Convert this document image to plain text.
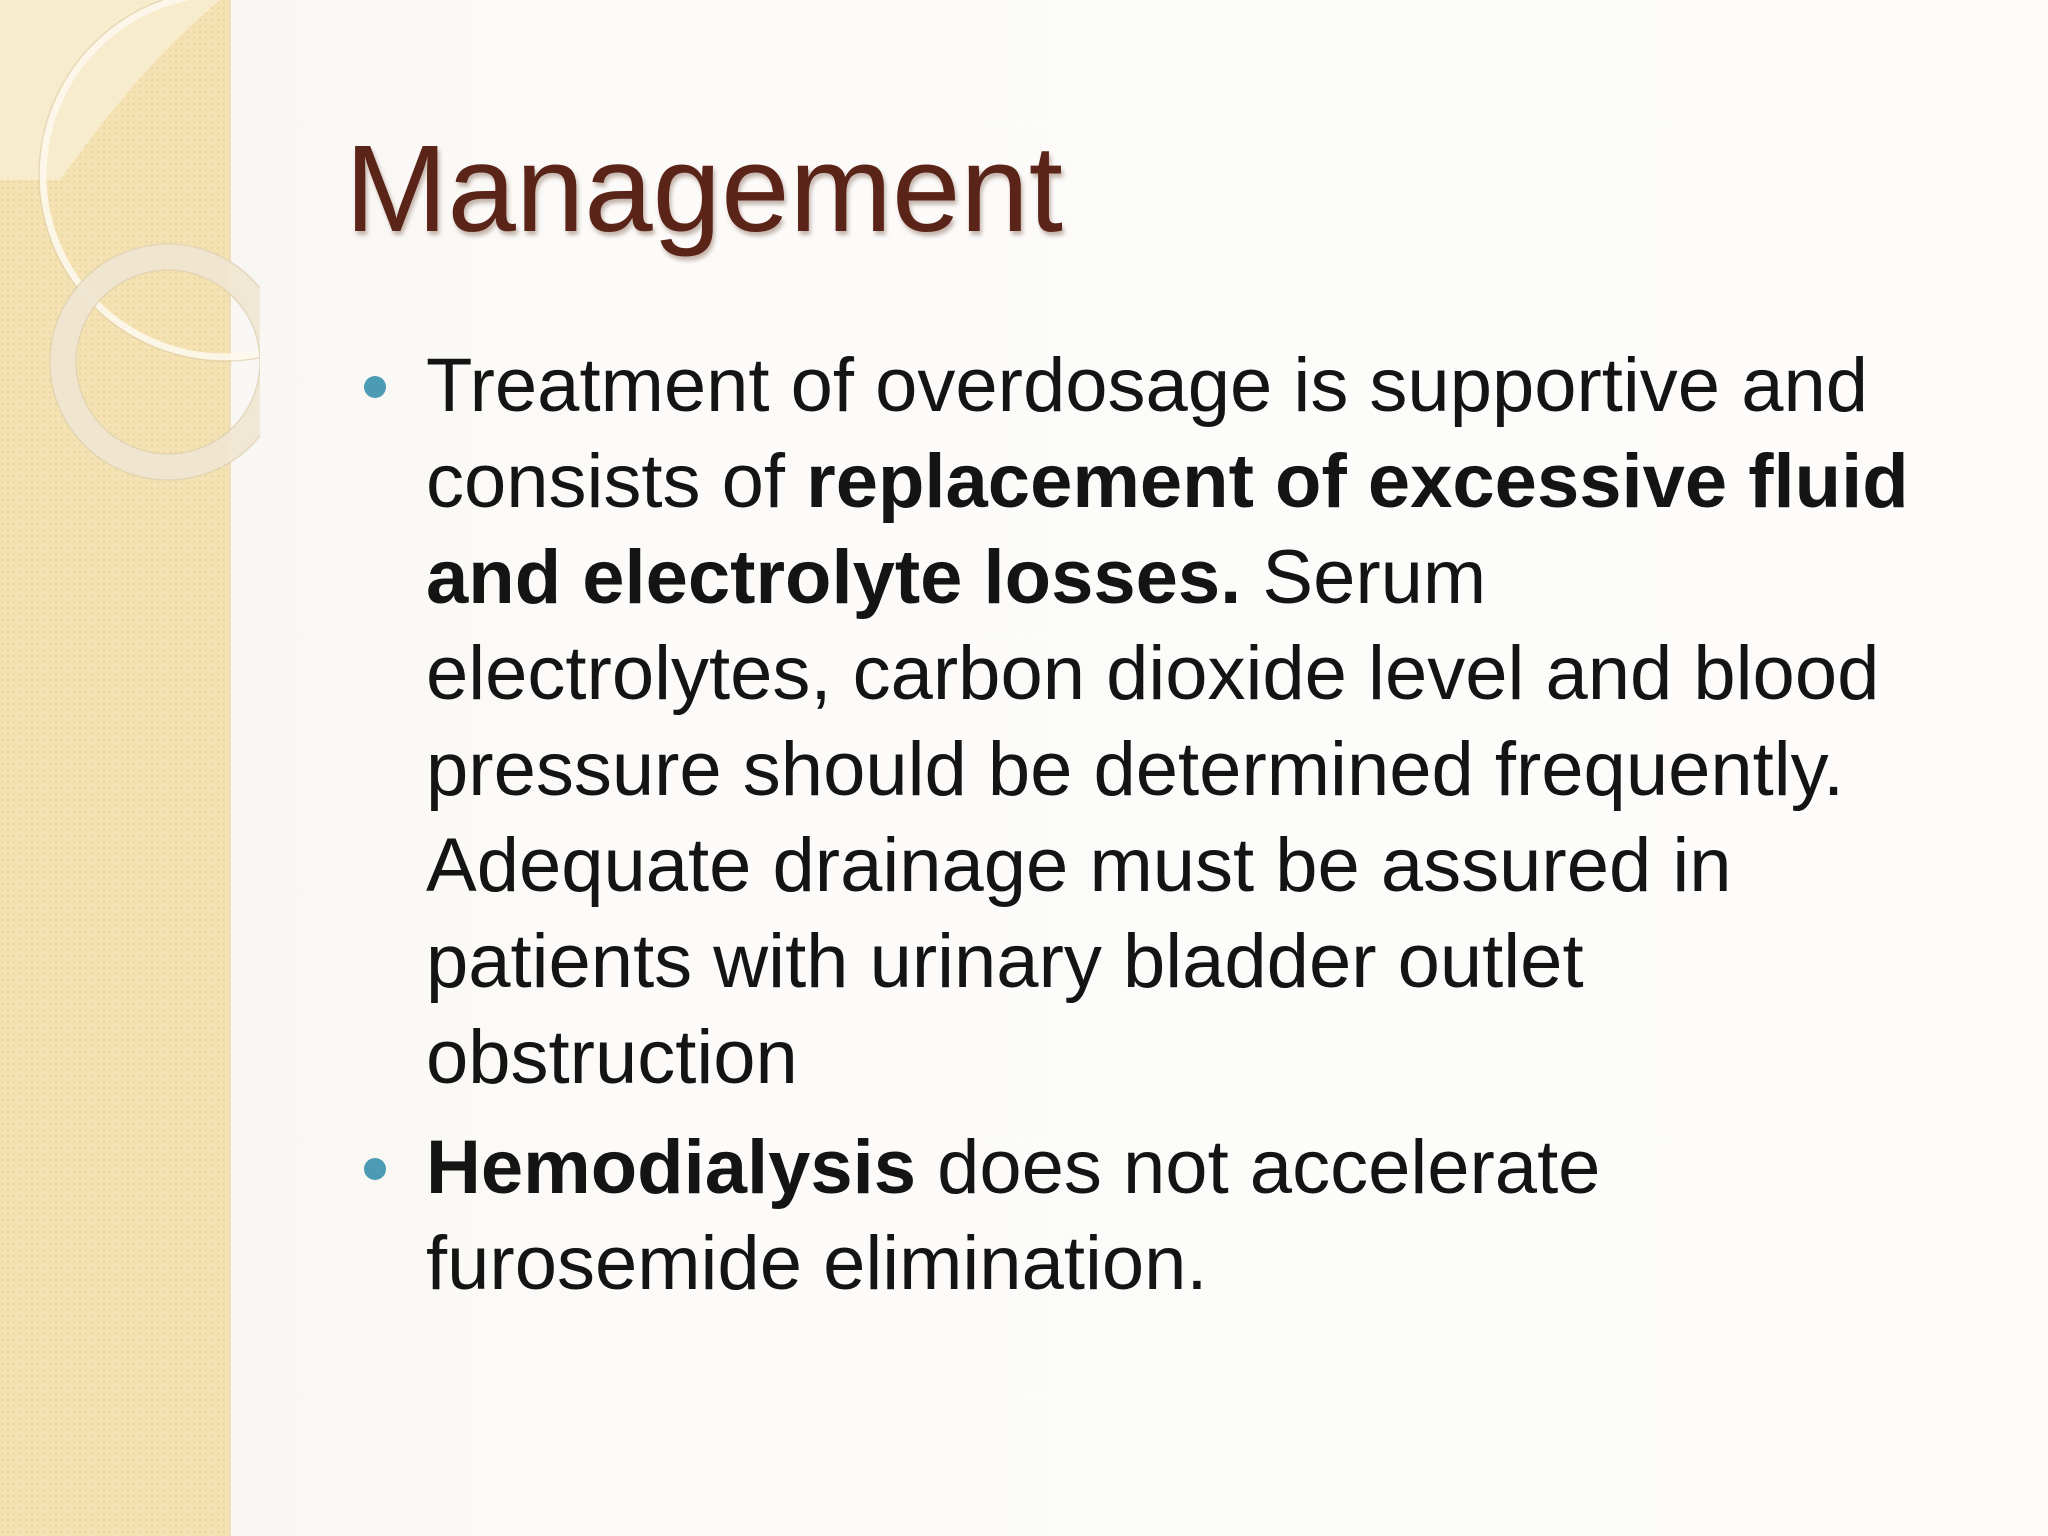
Management
Treatment of overdosage is supportive and
consists of replacement of excessive fluid
and electrolyte losses. Serum
electrolytes, carbon dioxide level and blood
pressure should be determined frequently.
Adequate drainage must be assured in
patients with urinary bladder outlet
obstruction
Hemodialysis does not accelerate
furosemide elimination.
